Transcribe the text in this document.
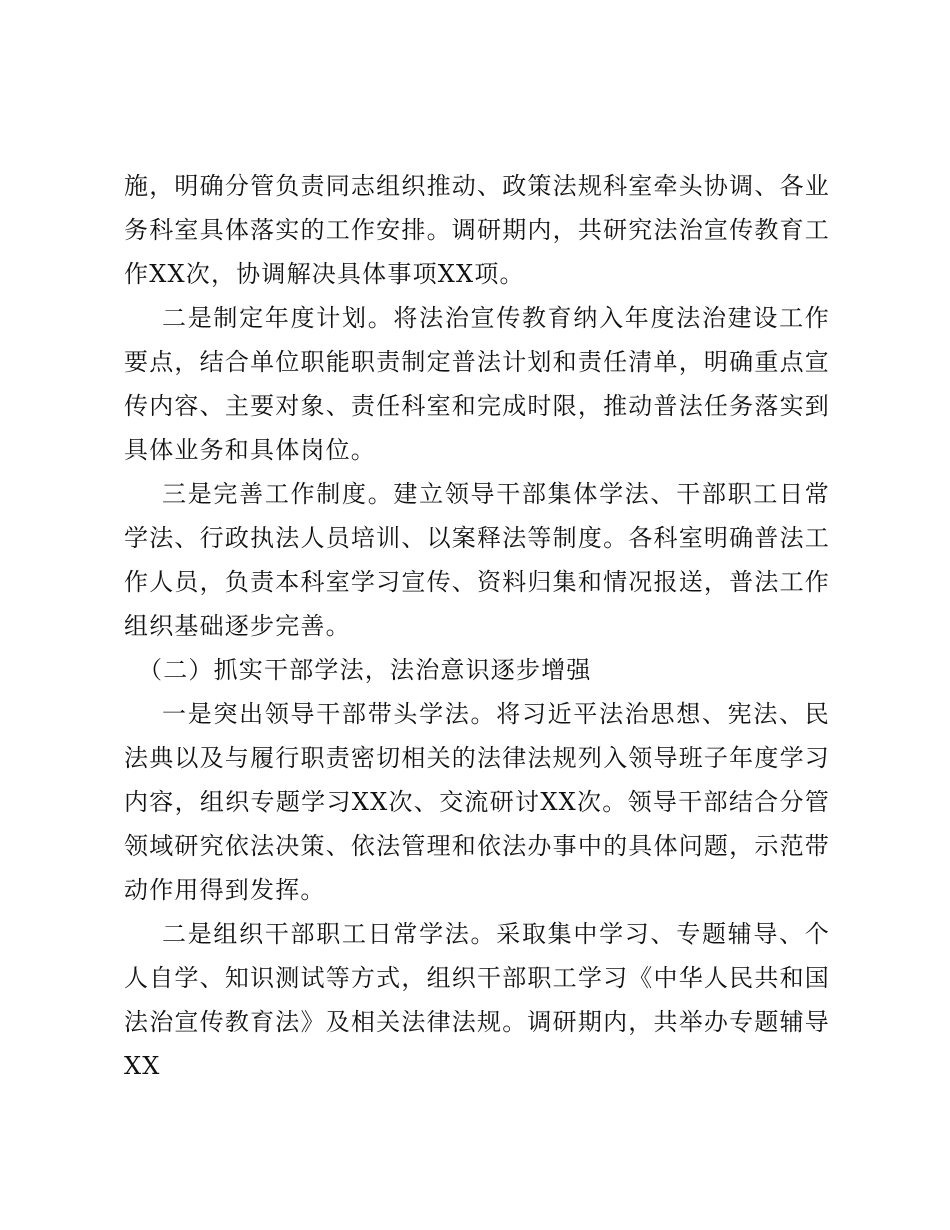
施，明确分管负责同志组织推动、政策法规科室牵头协调、各业务科室具体落实的工作安排。调研期内，共研究法治宣传教育工作XX次，协调解决具体事项XX项。

二是制定年度计划。将法治宣传教育纳入年度法治建设工作要点，结合单位职能职责制定普法计划和责任清单，明确重点宣传内容、主要对象、责任科室和完成时限，推动普法任务落实到具体业务和具体岗位。

三是完善工作制度。建立领导干部集体学法、干部职工日常学法、行政执法人员培训、以案释法等制度。各科室明确普法工作人员，负责本科室学习宣传、资料归集和情况报送，普法工作组织基础逐步完善。

（二）抓实干部学法，法治意识逐步增强

一是突出领导干部带头学法。将习近平法治思想、宪法、民法典以及与履行职责密切相关的法律法规列入领导班子年度学习内容，组织专题学习XX次、交流研讨XX次。领导干部结合分管领域研究依法决策、依法管理和依法办事中的具体问题，示范带动作用得到发挥。

二是组织干部职工日常学法。采取集中学习、专题辅导、个人自学、知识测试等方式，组织干部职工学习《中华人民共和国法治宣传教育法》及相关法律法规。调研期内，共举办专题辅导XX
